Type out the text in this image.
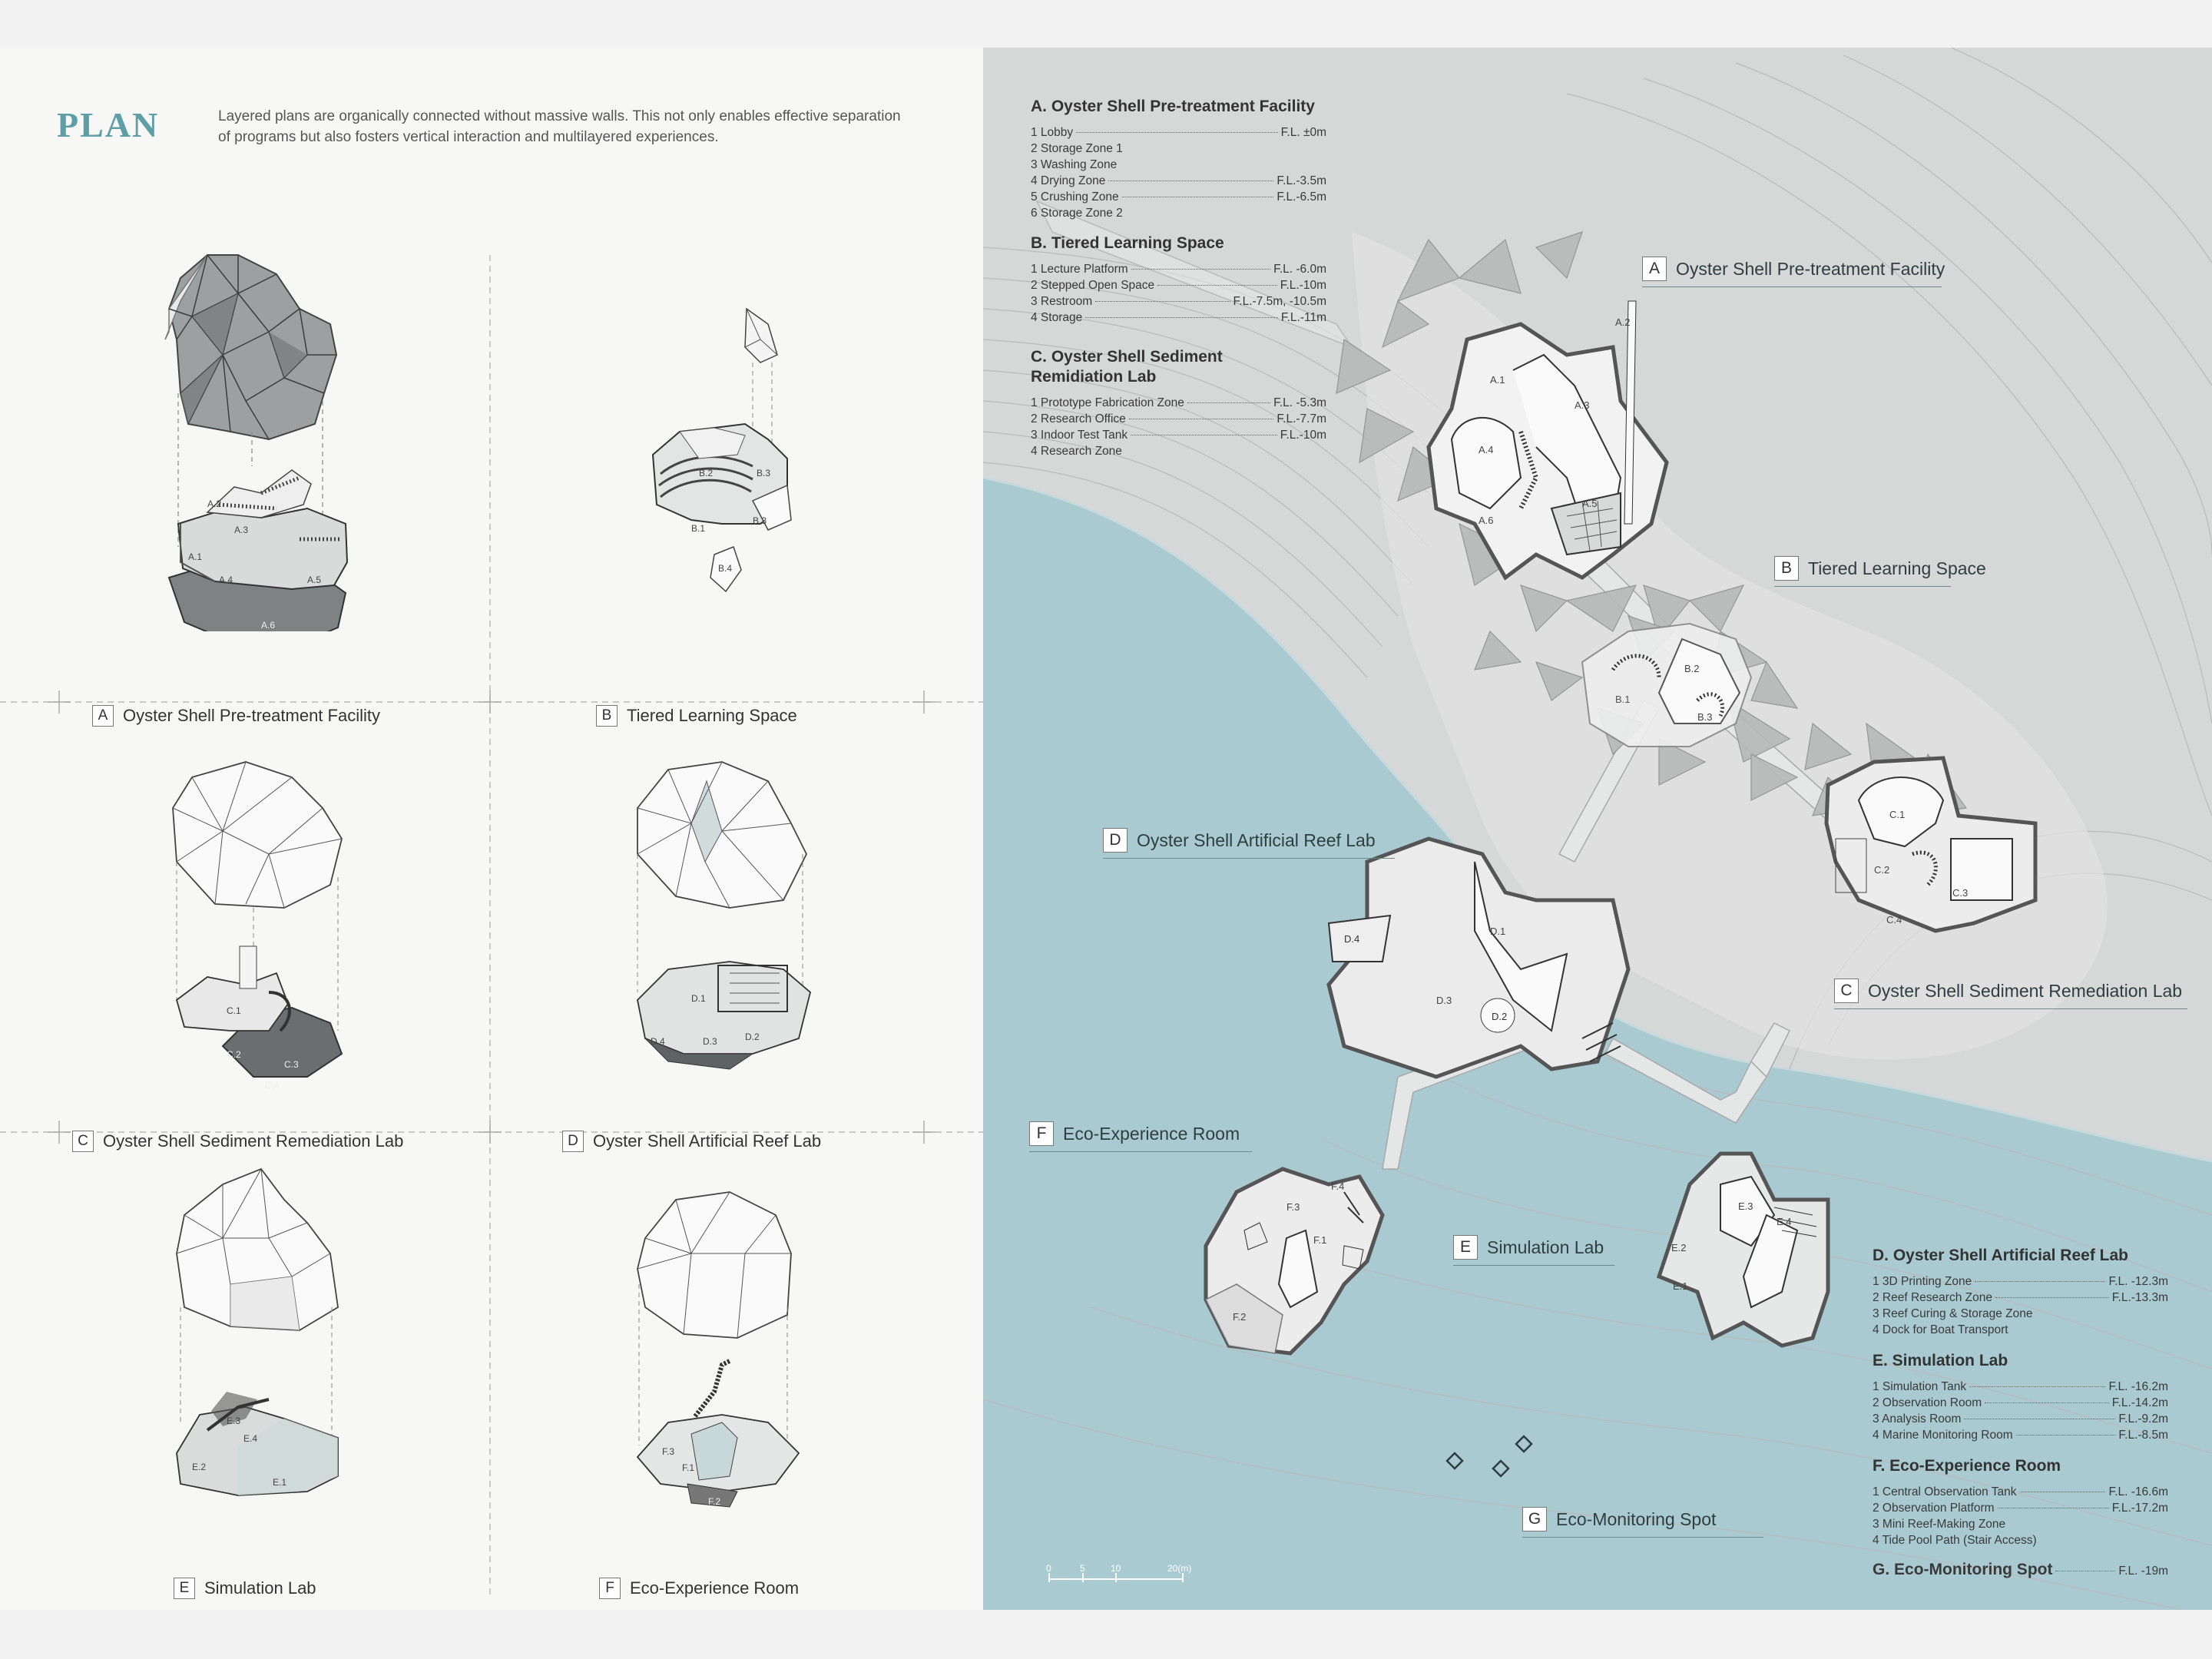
PLAN	Layered plans are organically connected without massive walls. This not only enables effective separation of programs but also fosters vertical interaction and multilayered experiences.
A.2
A.3
A.1
A.4	A.5
A.6
A Oyster Shell Pre-treatment Facility
B.2	B.3
B.1
B.3
B.4
B Tiered Learning Space
C.1
C.2
C.3
C.4
C Oyster Shell Sediment Remediation Lab
D.1
D.4	D.3	D.2
D Oyster Shell Artificial Reef Lab
E.3
E.4
E.2
E.1
E Simulation Lab
F.3
F.1
F.2
F Eco-Experience Room
A.1
A.2
A.3
A.4
A.5
A.6
B.1
B.2
B.3
C.1
C.2
C.3
C.4
D.4
D.1
D.3
D.2
E.3
E.4
E.2
E.1
F.3
F.4
F.1
F.2
0	5	10	20(m)
A Oyster Shell Pre-treatment Facility
B Tiered Learning Space
C Oyster Shell Sediment Remediation Lab
D Oyster Shell Artificial Reef Lab
E Simulation Lab
F Eco-Experience Room
G Eco-Monitoring Spot
A. Oyster Shell Pre-treatment Facility
1 Lobby	F.L. ±0m
2 Storage Zone 1
3 Washing Zone
4 Drying Zone	F.L.-3.5m
5 Crushing Zone	F.L.-6.5m
6 Storage Zone 2
B. Tiered Learning Space
1 Lecture Platform	F.L. -6.0m
2 Stepped Open Space	F.L.-10m
3 Restroom	F.L.-7.5m, -10.5m
4 Storage	F.L.-11m
C. Oyster Shell Sediment Remidiation Lab
1 Prototype Fabrication Zone	F.L. -5.3m
2 Research Office	F.L.-7.7m
3 Indoor Test Tank	F.L.-10m
4 Research Zone
D. Oyster Shell Artificial Reef Lab
1 3D Printing Zone	F.L. -12.3m
2 Reef Research Zone	F.L.-13.3m
3 Reef Curing & Storage Zone
4 Dock for Boat Transport
E. Simulation Lab
1 Simulation Tank	F.L. -16.2m
2 Observation Room	F.L.-14.2m
3 Analysis Room	F.L.-9.2m
4 Marine Monitoring Room	F.L.-8.5m
F. Eco-Experience Room
1 Central Observation Tank	F.L. -16.6m
2 Observation Platform	F.L.-17.2m
3 Mini Reef-Making Zone
4 Tide Pool Path (Stair Access)
G. Eco-Monitoring Spot	F.L. -19m
